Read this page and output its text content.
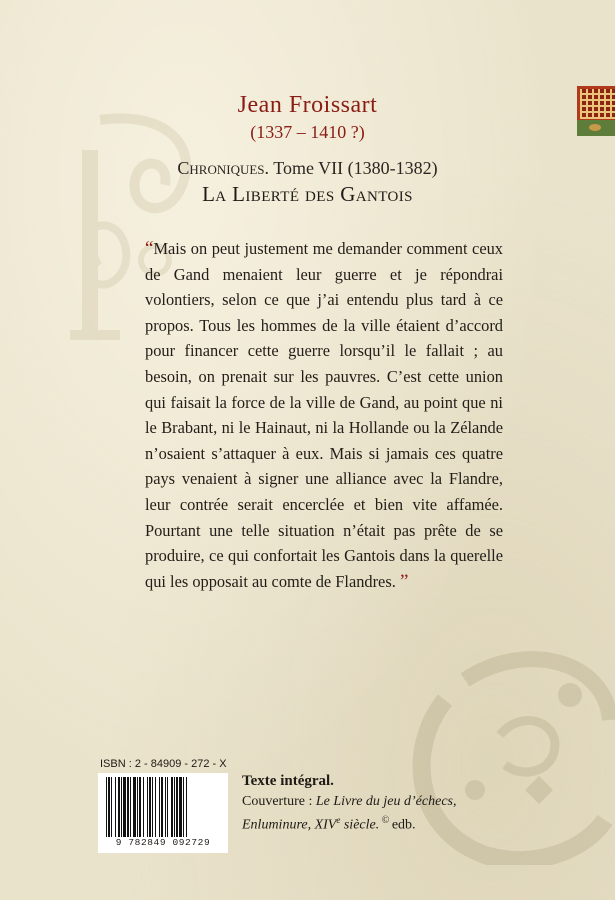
Jean Froissart
(1337 – 1410 ?)
Chroniques. Tome VII (1380-1382)
La Liberté des Gantois
“Mais on peut justement me demander comment ceux de Gand menaient leur guerre et je répondrai volontiers, selon ce que j’ai entendu plus tard à ce propos. Tous les hommes de la ville étaient d’accord pour financer cette guerre lorsqu’il le fallait ; au besoin, on prenait sur les pauvres. C’est cette union qui faisait la force de la ville de Gand, au point que ni le Brabant, ni le Hainaut, ni la Hollande ou la Zélande n’osaient s’attaquer à eux. Mais si jamais ces quatre pays venaient à signer une alliance avec la Flandre, leur contrée serait encerclée et bien vite affamée. Pourtant une telle situation n’était pas prête de se produire, ce qui confortait les Gantois dans la querelle qui les opposait au comte de Flandres. ”
ISBN : 2 - 84909 - 272 - X
9 782849 092729
Texte intégral.
Couverture : Le Livre du jeu d’échecs,
Enluminure, XIVe siècle. © edb.
